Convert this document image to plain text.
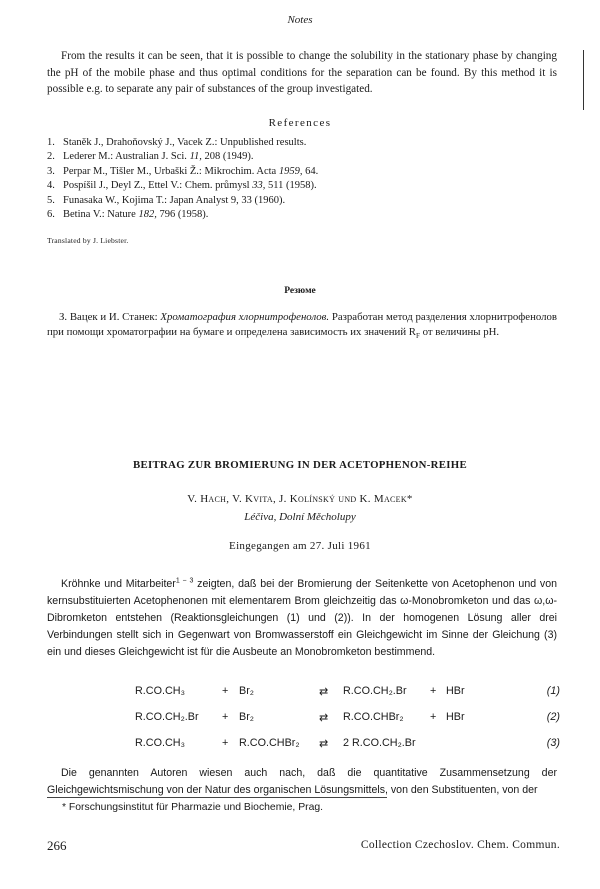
Notes
From the results it can be seen, that it is possible to change the solubility in the stationary phase by changing the pH of the mobile phase and thus optimal conditions for the separation can be found. By this method it is possible e.g. to separate any pair of substances of the group investigated.
References
1. Staněk J., Drahoňovský J., Vacek Z.: Unpublished results.
2. Lederer M.: Australian J. Sci. 11, 208 (1949).
3. Perpar M., Tišler M., Urbaški Ž.: Mikrochim. Acta 1959, 64.
4. Pospíšil J., Deyl Z., Ettel V.: Chem. průmysl 33, 511 (1958).
5. Funasaka W., Kojima T.: Japan Analyst 9, 33 (1960).
6. Betina V.: Nature 182, 796 (1958).
Translated by J. Liebster.
Резюме
З. Вацек и И. Станек: Хроматография хлорнитрофенолов. Разработан метод разделения хлорнитрофенолов при помощи хроматографии на бумаге и определена зависимость их значений $R_F$ от величины pH.
BEITRAG ZUR BROMIERUNG IN DER ACETOPHENON-REIHE
V. Hach, V. Kvita, J. Kolínský und K. Macek*
Léčiva, Dolní Měcholupy
Eingegangen am 27. Juli 1961
Kröhnke und Mitarbeiter$^{1 - 3}$ zeigten, daß bei der Bromierung der Seitenkette von Acetophenon und von kernsubstituierten Acetophenonen mit elementarem Brom gleichzeitig das ω-Monobromketon und das ω,ω-Dibromketon entstehen (Reaktionsgleichungen (1) und (2)). In der homogenen Lösung aller drei Verbindungen stellt sich in Gegenwart von Bromwasserstoff ein Gleichgewicht im Sinne der Gleichung (3) ein und dieses Gleichgewicht ist für die Ausbeute an Monobromketon bestimmend.
R.CO.CH₃	+ Br₂	⇄ R.CO.CH₂.Br + HBr	(1)
R.CO.CH₂.Br + Br₂	⇄ R.CO.CHBr₂ + HBr	(2)
R.CO.CH₃	+ R.CO.CHBr₂ ⇄ 2 R.CO.CH₂.Br	(3)
Die genannten Autoren wiesen auch nach, daß die quantitative Zusammensetzung der Gleichgewichtsmischung von der Natur des organischen Lösungsmittels, von den Substituenten, von der
* Forschungsinstitut für Pharmazie und Biochemie, Prag.
266	Collection Czechoslov. Chem. Commun.
